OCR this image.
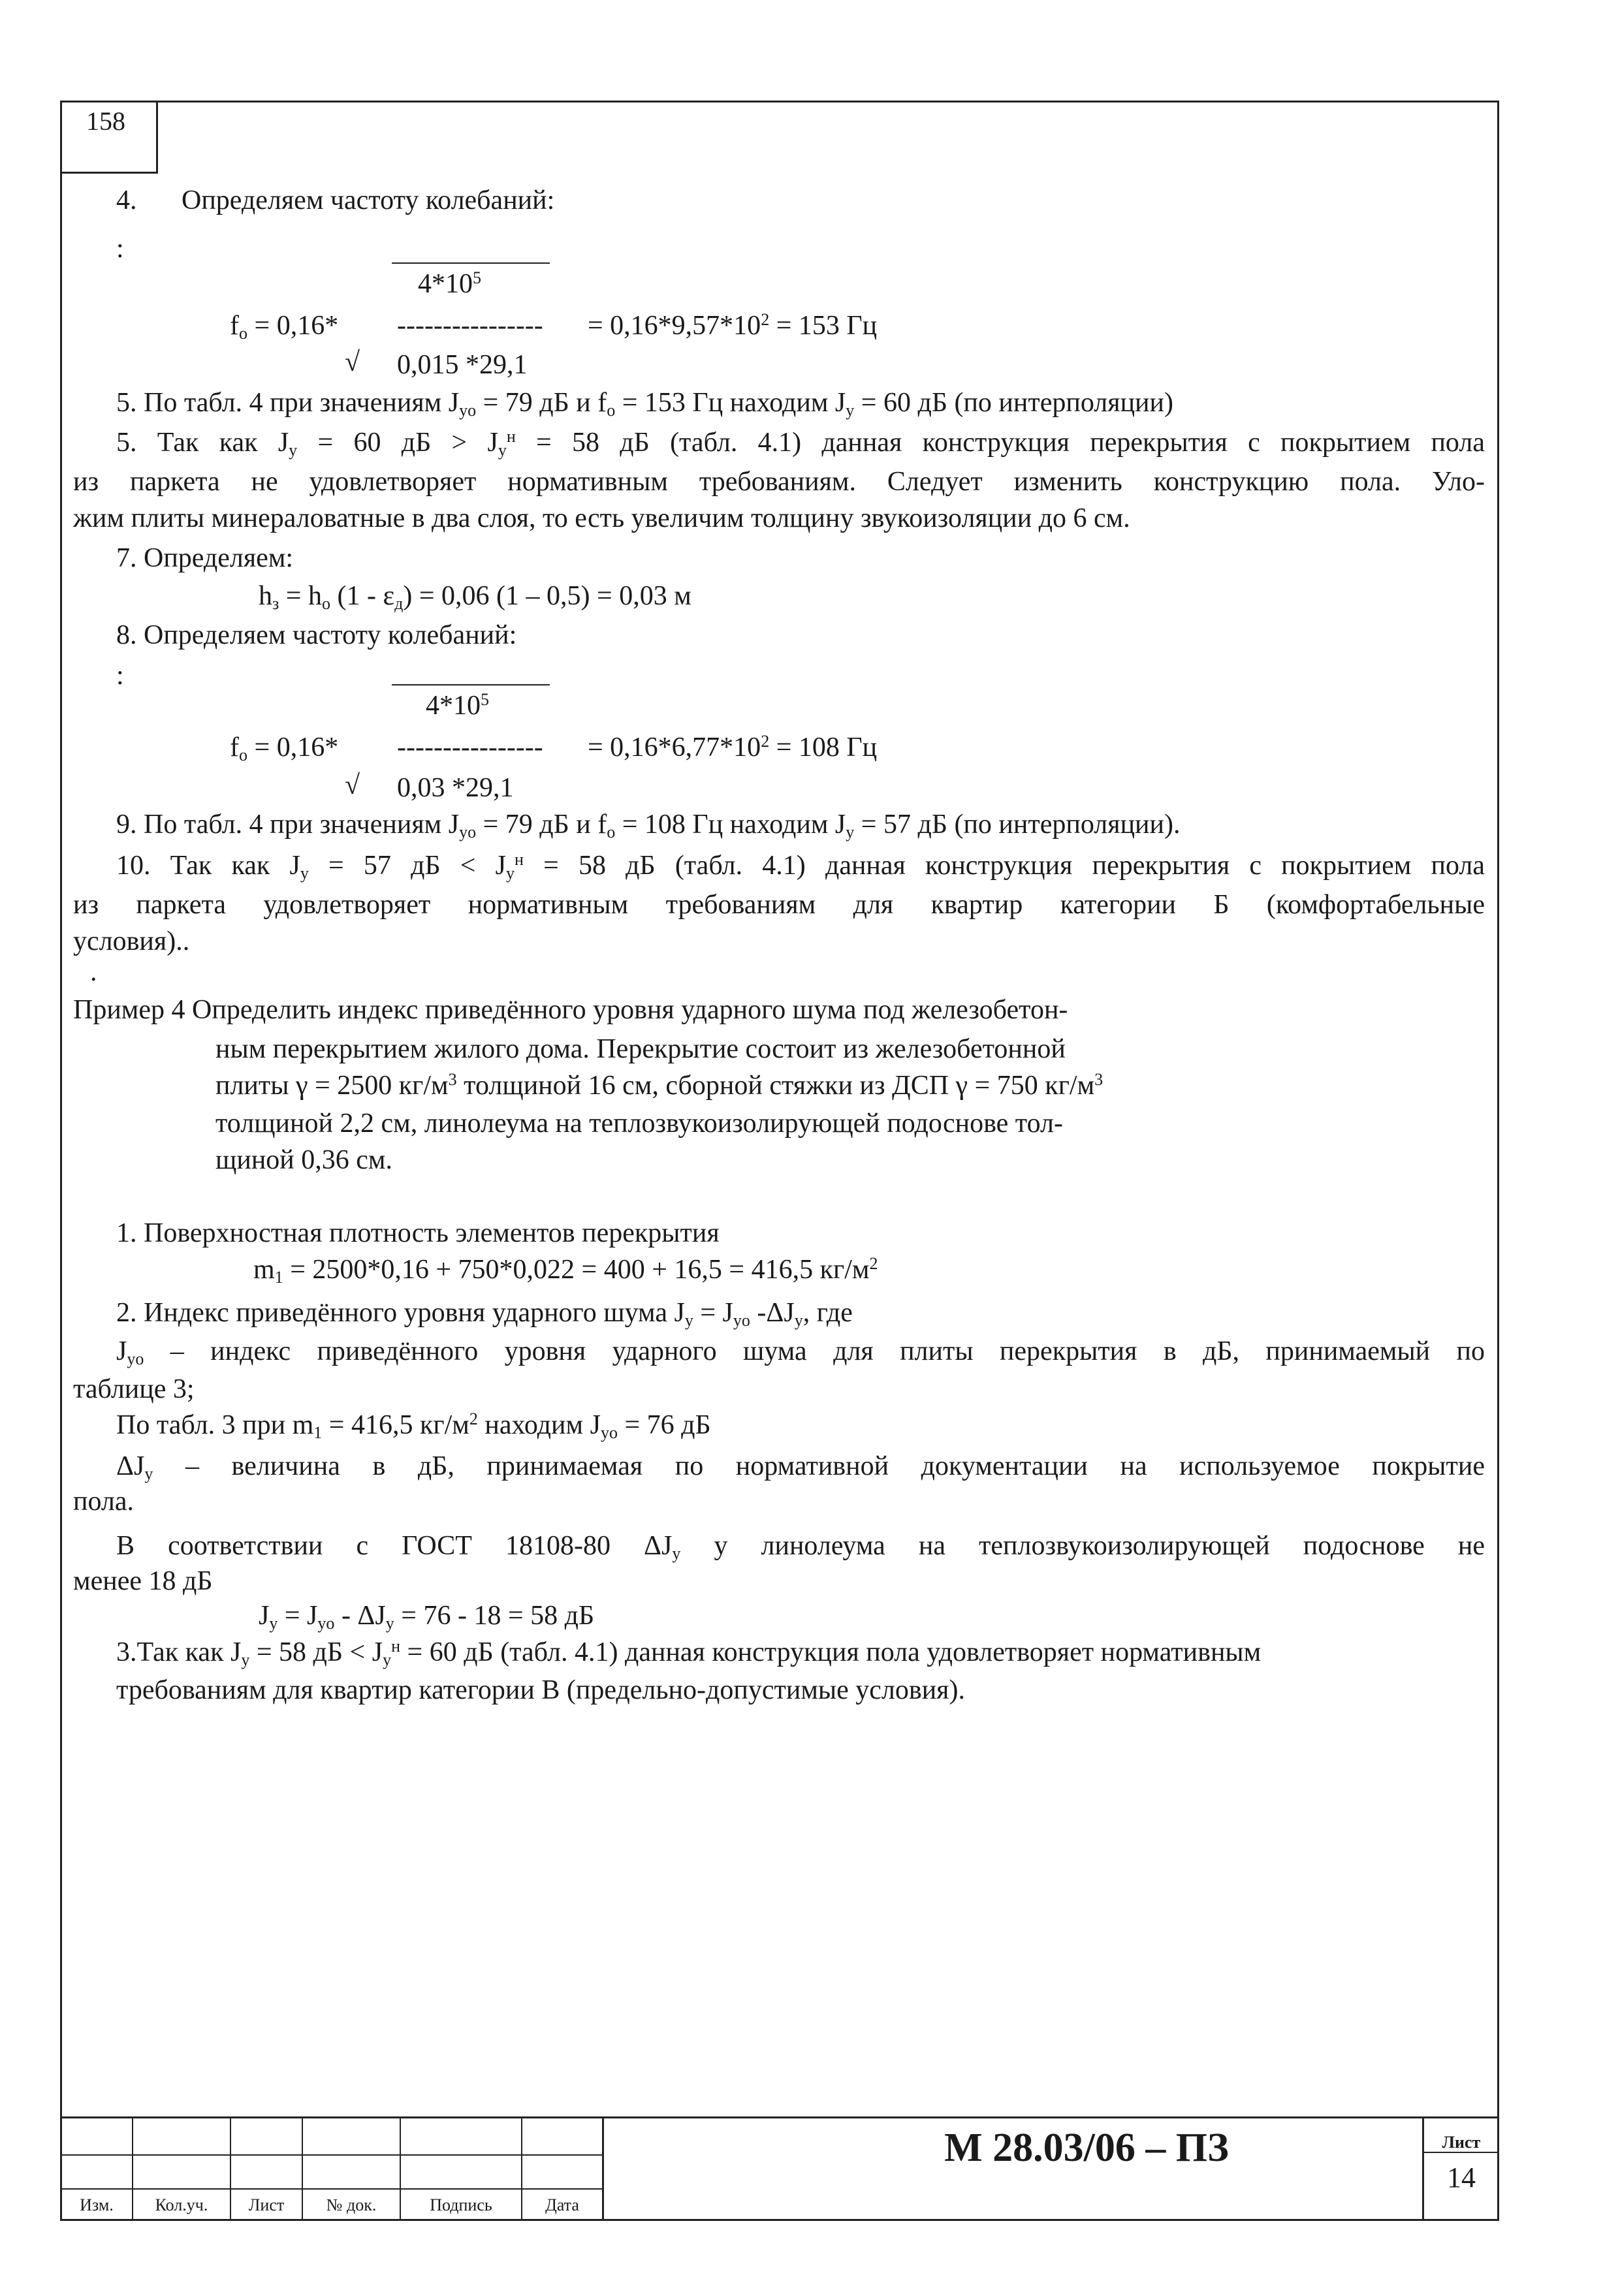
158
4. Определяем частоту колебаний:
:
$4*10^5$
fo = 0,16* ---------------- = $0,16*9,57*10^2 = 153$ Гц
√ 0,015 *29,1
5. По табл. 4 при значениям Jyo = 79 дБ и fo = 153 Гц находим Jy = 60 дБ (по интерполяции)
5. Так как Jy = 60 дБ > $Jy^н = 58$ дБ (табл. 4.1) данная конструкция перекрытия с покрытием пола
из паркета не удовлетворяет нормативным требованиям. Следует изменить конструкцию пола. Уло-
жим плиты минераловатные в два слоя, то есть увеличим толщину звукоизоляции до 6 см.
7. Определяем:
hз = ho (1 - εд) = 0,06 (1 – 0,5) = 0,03 м
8. Определяем частоту колебаний:
:
$4*10^5$
fo = 0,16* ---------------- = $0,16*6,77*10^2 = 108$ Гц
√ 0,03 *29,1
9. По табл. 4 при значениям Jyo = 79 дБ и fo = 108 Гц находим Jy = 57 дБ (по интерполяции).
10. Так как Jy = 57 дБ < $Jy^н = 58$ дБ (табл. 4.1) данная конструкция перекрытия с покрытием пола
из паркета удовлетворяет нормативным требованиям для квартир категории Б (комфортабельные
условия)..
.
Пример 4 Определить индекс приведённого уровня ударного шума под железобетон-
ным перекрытием жилого дома. Перекрытие состоит из железобетонной
плиты γ = 2500 $кг/м^3$ толщиной 16 см, сборной стяжки из ДСП γ = 750 $кг/м^3$
толщиной 2,2 см, линолеума на теплозвукоизолирующей подоснове тол-
щиной 0,36 см.
1. Поверхностная плотность элементов перекрытия
m1 = 2500*0,16 + 750*0,022 = 400 + 16,5 = 416,5 $кг/м^2$
2. Индекс приведённого уровня ударного шума Jy = Jyo -ΔJy, где
Jyo – индекс приведённого уровня ударного шума для плиты перекрытия в дБ, принимаемый по
таблице 3;
По табл. 3 при m1 = 416,5 $кг/м^2$ находим Jyo = 76 дБ
ΔJy – величина в дБ, принимаемая по нормативной документации на используемое покрытие
пола.
В соответствии с ГОСТ 18108-80 ΔJy у линолеума на теплозвукоизолирующей подоснове не
менее 18 дБ
Jy = Jyo - ΔJy = 76 - 18 = 58 дБ
3.Так как Jy = 58 дБ < $Jy^н = 60$ дБ (табл. 4.1) данная конструкция пола удовлетворяет нормативным
требованиям для квартир категории В (предельно-допустимые условия).
Изм.	Кол.уч.	Лист	№ док.	Подпись	Дата
М 28.03/06 – ПЗ	Лист
14
